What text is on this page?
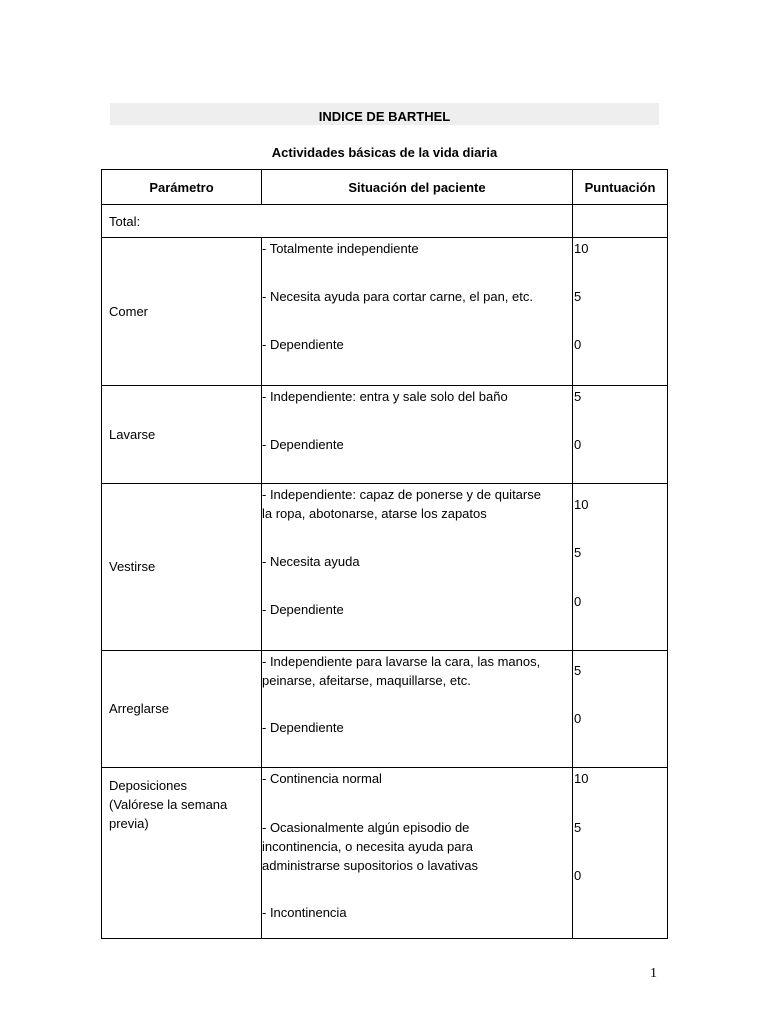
INDICE DE BARTHEL
Actividades básicas de la vida diaria
Parámetro	Situación del paciente	Puntuación
Total:
Comer
- Totalmente independiente
- Necesita ayuda para cortar carne, el pan, etc.
- Dependiente
10
5
0
Lavarse
- Independiente: entra y sale solo del baño
- Dependiente
5
0
Vestirse
- Independiente: capaz de ponerse y de quitarse
la ropa, abotonarse, atarse los zapatos
- Necesita ayuda
- Dependiente
10
5
0
Arreglarse
- Independiente para lavarse la cara, las manos,
peinarse, afeitarse, maquillarse, etc.
- Dependiente
5
0
Deposiciones
(Valórese la semana
previa)
- Continencia normal
- Ocasionalmente algún episodio de
incontinencia, o necesita ayuda para
administrarse supositorios o lavativas
- Incontinencia
10
5
0
1
